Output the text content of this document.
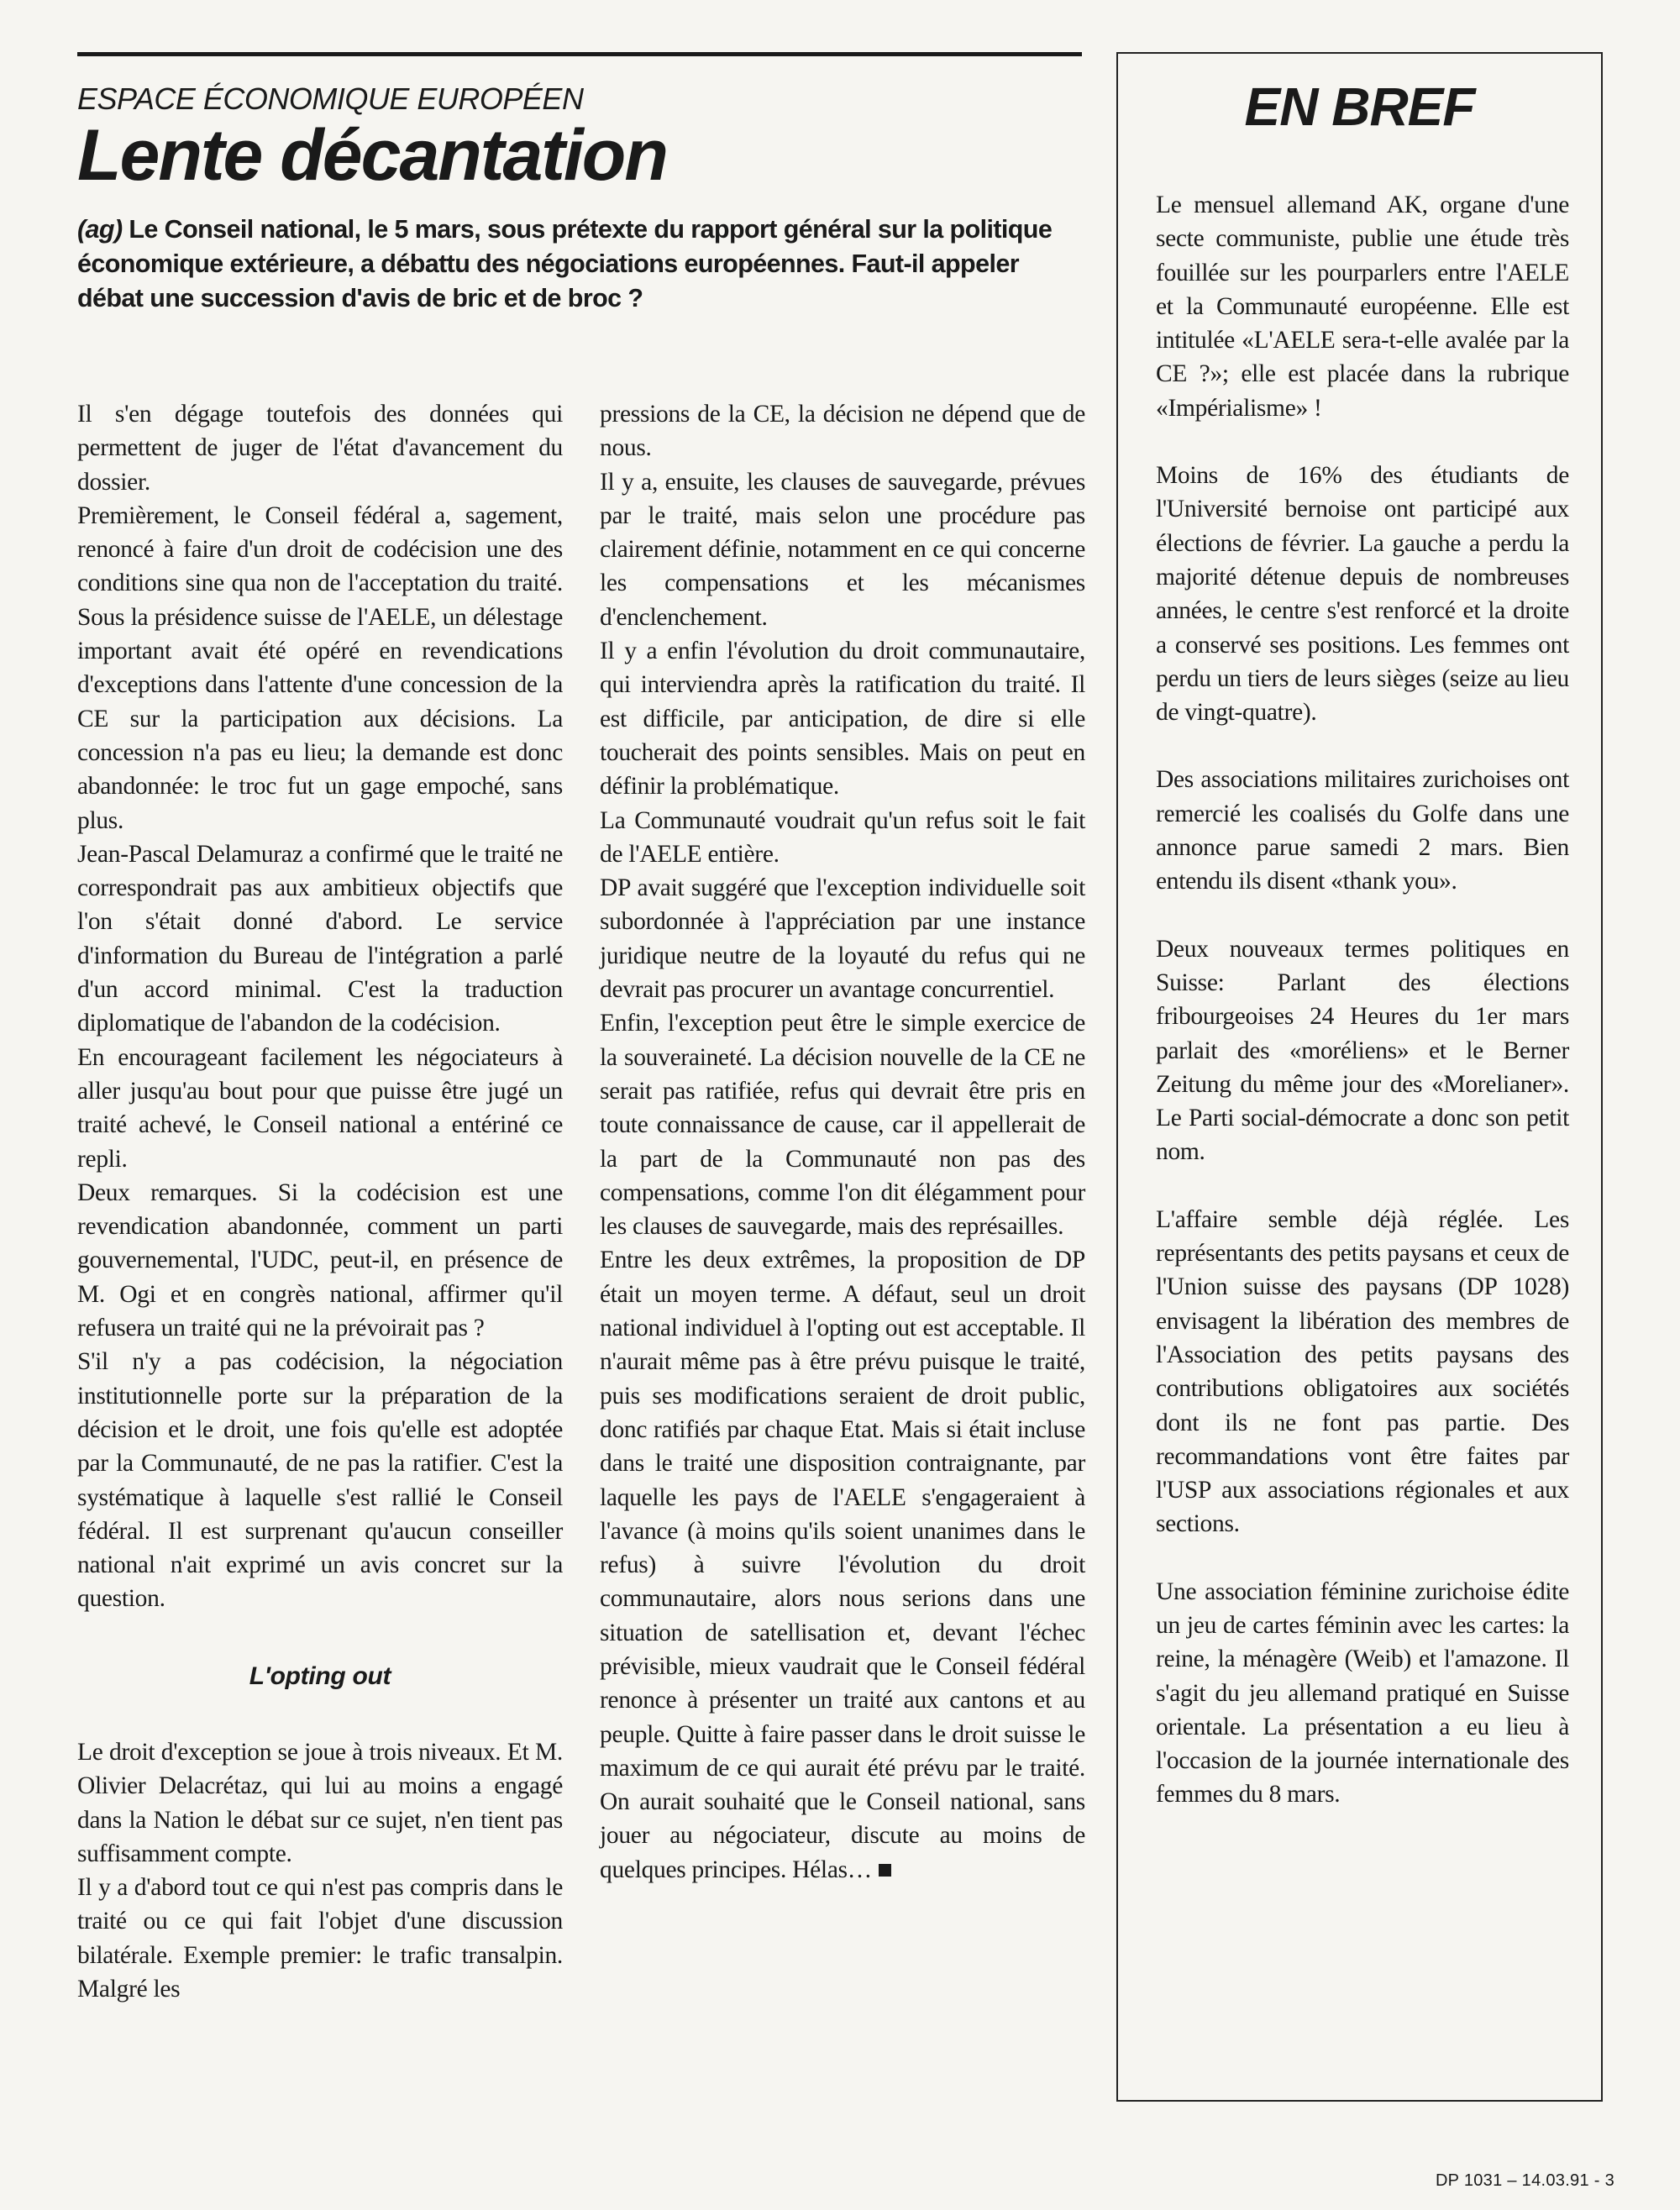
ESPACE ÉCONOMIQUE EUROPÉEN
Lente décantation
(ag) Le Conseil national, le 5 mars, sous prétexte du rapport général sur la politique économique extérieure, a débattu des négociations européennes. Faut-il appeler débat une succession d'avis de bric et de broc ?

Il s'en dégage toutefois des données qui permettent de juger de l'état d'avancement du dossier.

Premièrement, le Conseil fédéral a, sagement, renoncé à faire d'un droit de codécision une des conditions sine qua non de l'acceptation du traité. Sous la présidence suisse de l'AELE, un délestage important avait été opéré en revendications d'exceptions dans l'attente d'une concession de la CE sur la participation aux décisions. La concession n'a pas eu lieu; la demande est donc abandonnée: le troc fut un gage empoché, sans plus.

Jean-Pascal Delamuraz a confirmé que le traité ne correspondrait pas aux ambitieux objectifs que l'on s'était donné d'abord. Le service d'information du Bureau de l'intégration a parlé d'un accord minimal. C'est la traduction diplomatique de l'abandon de la codécision.

En encourageant facilement les négociateurs à aller jusqu'au bout pour que puisse être jugé un traité achevé, le Conseil national a entériné ce repli.

Deux remarques. Si la codécision est une revendication abandonnée, comment un parti gouvernemental, l'UDC, peut-il, en présence de M. Ogi et en congrès national, affirmer qu'il refusera un traité qui ne la prévoirait pas ?

S'il n'y a pas codécision, la négociation institutionnelle porte sur la préparation de la décision et le droit, une fois qu'elle est adoptée par la Communauté, de ne pas la ratifier. C'est la systématique à laquelle s'est rallié le Conseil fédéral. Il est surprenant qu'aucun conseiller national n'ait exprimé un avis concret sur la question.

L'opting out

Le droit d'exception se joue à trois niveaux. Et M. Olivier Delacrétaz, qui lui au moins a engagé dans la Nation le débat sur ce sujet, n'en tient pas suffisamment compte.

Il y a d'abord tout ce qui n'est pas compris dans le traité ou ce qui fait l'objet d'une discussion bilatérale. Exemple premier: le trafic transalpin. Malgré les

pressions de la CE, la décision ne dépend que de nous.

Il y a, ensuite, les clauses de sauvegarde, prévues par le traité, mais selon une procédure pas clairement définie, notamment en ce qui concerne les compensations et les mécanismes d'enclenchement.

Il y a enfin l'évolution du droit communautaire, qui interviendra après la ratification du traité. Il est difficile, par anticipation, de dire si elle toucherait des points sensibles. Mais on peut en définir la problématique.

La Communauté voudrait qu'un refus soit le fait de l'AELE entière.

DP avait suggéré que l'exception individuelle soit subordonnée à l'appréciation par une instance juridique neutre de la loyauté du refus qui ne devrait pas procurer un avantage concurrentiel.

Enfin, l'exception peut être le simple exercice de la souveraineté. La décision nouvelle de la CE ne serait pas ratifiée, refus qui devrait être pris en toute connaissance de cause, car il appellerait de la part de la Communauté non pas des compensations, comme l'on dit élégamment pour les clauses de sauvegarde, mais des représailles.

Entre les deux extrêmes, la proposition de DP était un moyen terme. A défaut, seul un droit national individuel à l'opting out est acceptable. Il n'aurait même pas à être prévu puisque le traité, puis ses modifications seraient de droit public, donc ratifiés par chaque Etat. Mais si était incluse dans le traité une disposition contraignante, par laquelle les pays de l'AELE s'engageraient à l'avance (à moins qu'ils soient unanimes dans le refus) à suivre l'évolution du droit communautaire, alors nous serions dans une situation de satellisation et, devant l'échec prévisible, mieux vaudrait que le Conseil fédéral renonce à présenter un traité aux cantons et au peuple. Quitte à faire passer dans le droit suisse le maximum de ce qui aurait été prévu par le traité. On aurait souhaité que le Conseil national, sans jouer au négociateur, discute au moins de quelques principes. Hélas…

EN BREF

Le mensuel allemand AK, organe d'une secte communiste, publie une étude très fouillée sur les pourparlers entre l'AELE et la Communauté européenne. Elle est intitulée «L'AELE sera-t-elle avalée par la CE ?»; elle est placée dans la rubrique «Impérialisme» !

Moins de 16% des étudiants de l'Université bernoise ont participé aux élections de février. La gauche a perdu la majorité détenue depuis de nombreuses années, le centre s'est renforcé et la droite a conservé ses positions. Les femmes ont perdu un tiers de leurs sièges (seize au lieu de vingt-quatre).

Des associations militaires zurichoises ont remercié les coalisés du Golfe dans une annonce parue samedi 2 mars. Bien entendu ils disent «thank you».

Deux nouveaux termes politiques en Suisse: Parlant des élections fribourgeoises 24 Heures du 1er mars parlait des «moréliens» et le Berner Zeitung du même jour des «Morelianer». Le Parti social-démocrate a donc son petit nom.

L'affaire semble déjà réglée. Les représentants des petits paysans et ceux de l'Union suisse des paysans (DP 1028) envisagent la libération des membres de l'Association des petits paysans des contributions obligatoires aux sociétés dont ils ne font pas partie. Des recommandations vont être faites par l'USP aux associations régionales et aux sections.

Une association féminine zurichoise édite un jeu de cartes féminin avec les cartes: la reine, la ménagère (Weib) et l'amazone. Il s'agit du jeu allemand pratiqué en Suisse orientale. La présentation a eu lieu à l'occasion de la journée internationale des femmes du 8 mars.

DP 1031 – 14.03.91 - 3
